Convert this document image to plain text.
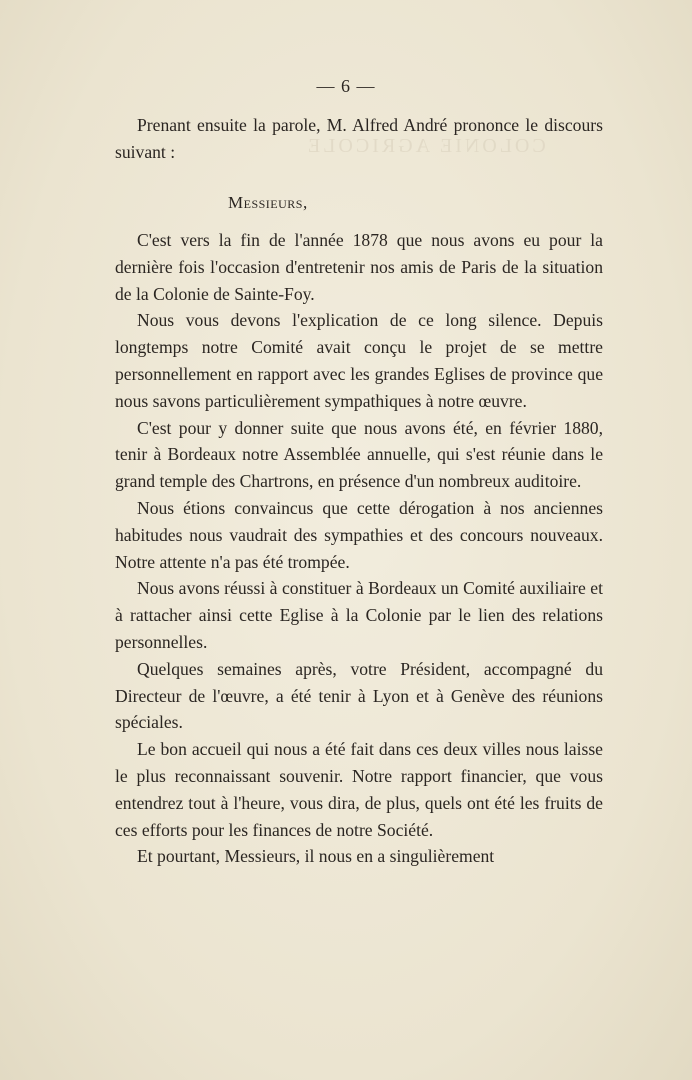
COLONIE AGRICOLE
— 6 —

Prenant ensuite la parole, M. Alfred André prononce le discours suivant :

Messieurs,

C'est vers la fin de l'année 1878 que nous avons eu pour la dernière fois l'occasion d'entretenir nos amis de Paris de la situation de la Colonie de Sainte-Foy.

Nous vous devons l'explication de ce long silence. Depuis longtemps notre Comité avait conçu le projet de se mettre personnellement en rapport avec les grandes Eglises de province que nous savons particulièrement sympathiques à notre œuvre.

C'est pour y donner suite que nous avons été, en février 1880, tenir à Bordeaux notre Assemblée annuelle, qui s'est réunie dans le grand temple des Chartrons, en présence d'un nombreux auditoire.

Nous étions convaincus que cette dérogation à nos anciennes habitudes nous vaudrait des sympathies et des concours nouveaux. Notre attente n'a pas été trompée.

Nous avons réussi à constituer à Bordeaux un Comité auxiliaire et à rattacher ainsi cette Eglise à la Colonie par le lien des relations personnelles.

Quelques semaines après, votre Président, accompagné du Directeur de l'œuvre, a été tenir à Lyon et à Genève des réunions spéciales.

Le bon accueil qui nous a été fait dans ces deux villes nous laisse le plus reconnaissant souvenir. Notre rapport financier, que vous entendrez tout à l'heure, vous dira, de plus, quels ont été les fruits de ces efforts pour les finances de notre Société.

Et pourtant, Messieurs, il nous en a singulièrement
